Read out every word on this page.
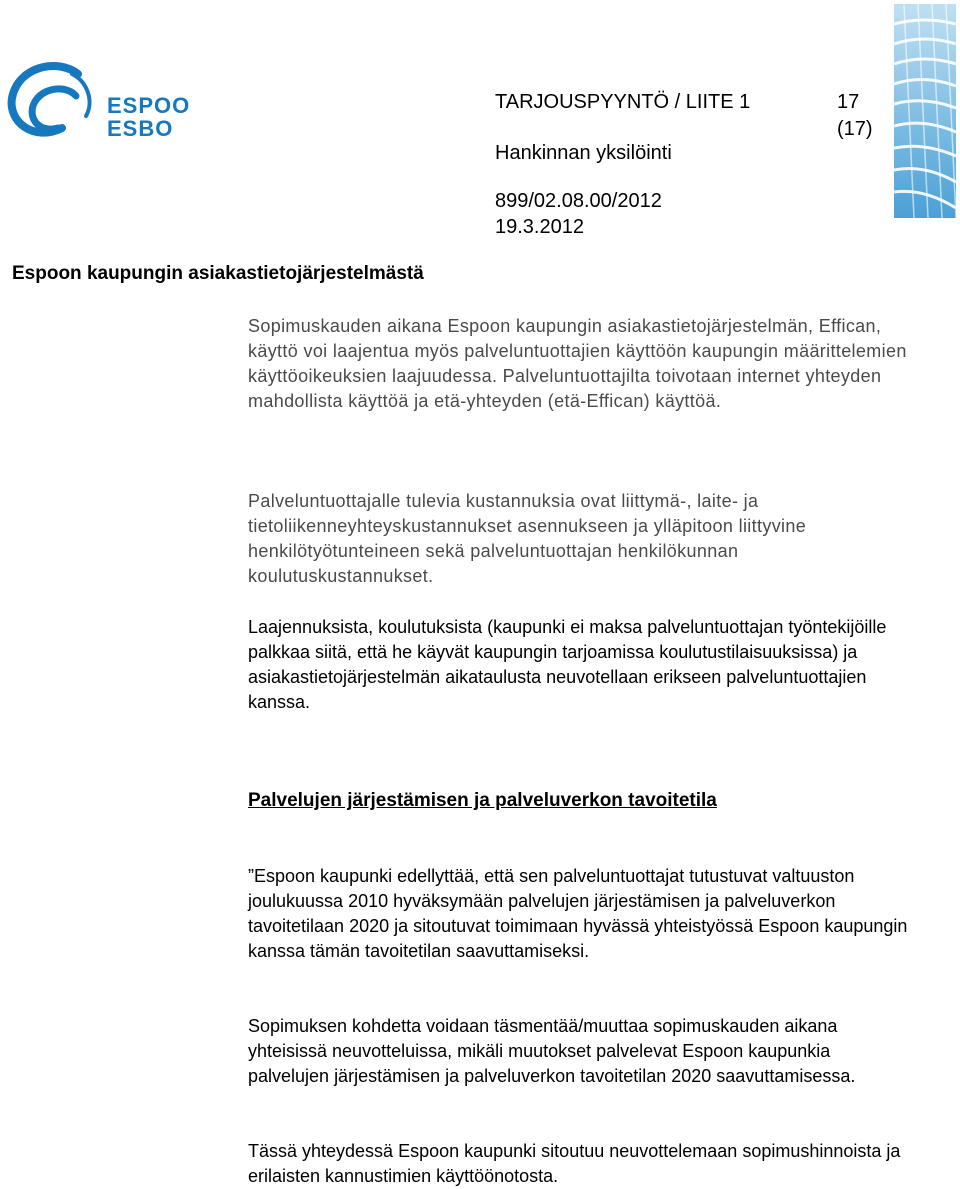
ESPOO
ESBO
TARJOUSPYYNTÖ / LIITE 1	17
(17)
Hankinnan yksilöinti
899/02.08.00/2012
19.3.2012
Espoon kaupungin asiakastietojärjestelmästä

Sopimuskauden aikana Espoon kaupungin asiakastietojärjestelmän, Effican, käyttö voi laajentua myös palveluntuottajien käyttöön kaupungin määrittelemien käyttöoikeuksien laajuudessa. Palveluntuottajilta toivotaan internet yhteyden mahdollista käyttöä ja etä-yhteyden (etä-Effican) käyttöä.

Palveluntuottajalle tulevia kustannuksia ovat liittymä-, laite- ja tietoliikenneyhteyskustannukset asennukseen ja ylläpitoon liittyvine henkilötyötunteineen sekä palveluntuottajan henkilökunnan koulutuskustannukset.

Laajennuksista, koulutuksista (kaupunki ei maksa palveluntuottajan työntekijöille palkkaa siitä, että he käyvät kaupungin tarjoamissa koulutustilaisuuksissa) ja asiakastietojärjestelmän aikataulusta neuvotellaan erikseen palveluntuottajien kanssa.

Palvelujen järjestämisen ja palveluverkon tavoitetila

”Espoon kaupunki edellyttää, että sen palveluntuottajat tutustuvat valtuuston joulukuussa 2010 hyväksymään palvelujen järjestämisen ja palveluverkon tavoitetilaan 2020 ja sitoutuvat toimimaan hyvässä yhteistyössä Espoon kaupungin kanssa tämän tavoitetilan saavuttamiseksi.

Sopimuksen kohdetta voidaan täsmentää/muuttaa sopimuskauden aikana yhteisissä neuvotteluissa, mikäli muutokset palvelevat Espoon kaupunkia palvelujen järjestämisen ja palveluverkon tavoitetilan 2020 saavuttamisessa.

Tässä yhteydessä Espoon kaupunki sitoutuu neuvottelemaan sopimushinnoista ja erilaisten kannustimien käyttöönotosta.
